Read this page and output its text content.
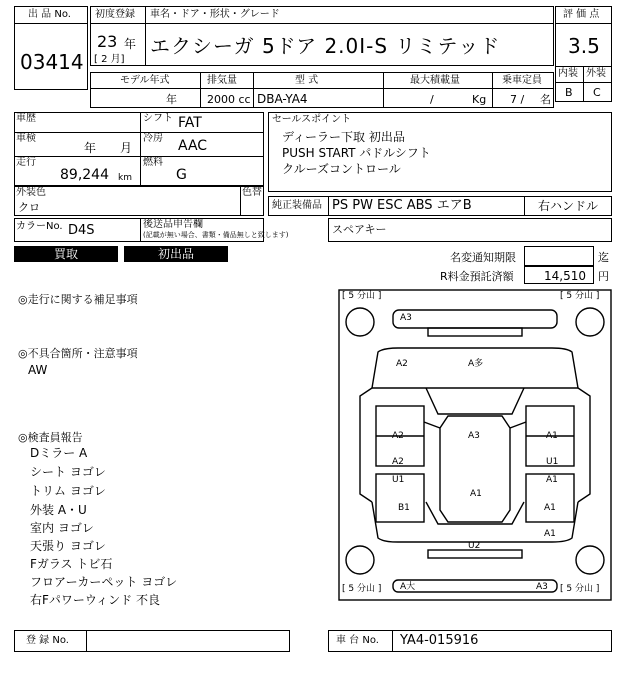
出 品 No.
03414
初度登録 車名・ドア・形状・グレード
23 年
[ 2 月]
エクシーガ 5ドア 2.0I-S リミテッド
評 価 点
3.5
内装 外装
B C
モデル年式	排気量	型 式	最大積載量	乗車定員
年	2000 cc DBA-YA4	/	Kg 7 / 名
車歴	シフト FAT
車検
年 月
冷房 AAC
走行
89,244 km
燃料
G
外装色
クロ
色替
カラーNo. D4S	後送品申告欄
(記載が無い場合、書類・備品無しと致します)
セールスポイント
ディーラー下取 初出品
PUSH START パドルシフト
クルーズコントロール
純正装備品 PS PW ESC ABS エアB	右ハンドル
スペアキー
買取	初出品	名変通知期限	迄
R料金預託済額	14,510 円
◎走行に関する補足事項
◎不具合箇所・注意事項
AW
◎検査員報告
Dミラー A
シート ヨゴレ
トリム ヨゴレ
外装 A・U
室内 ヨゴレ
天張り ヨゴレ
Fガラス トビ石
フロアーカーペット ヨゴレ
右Fパワーウィンド 不良
[ 5 分山 ]	[ 5 分山 ]
[ 5 分山 ]	[ 5 分山 ]
A3
A多
A2
A3
A2	A1
A2
U1
U1
A1
A1
B1	A1
A1
U2
A大	A3
登 録 No.	車 台 No. YA4-015916
